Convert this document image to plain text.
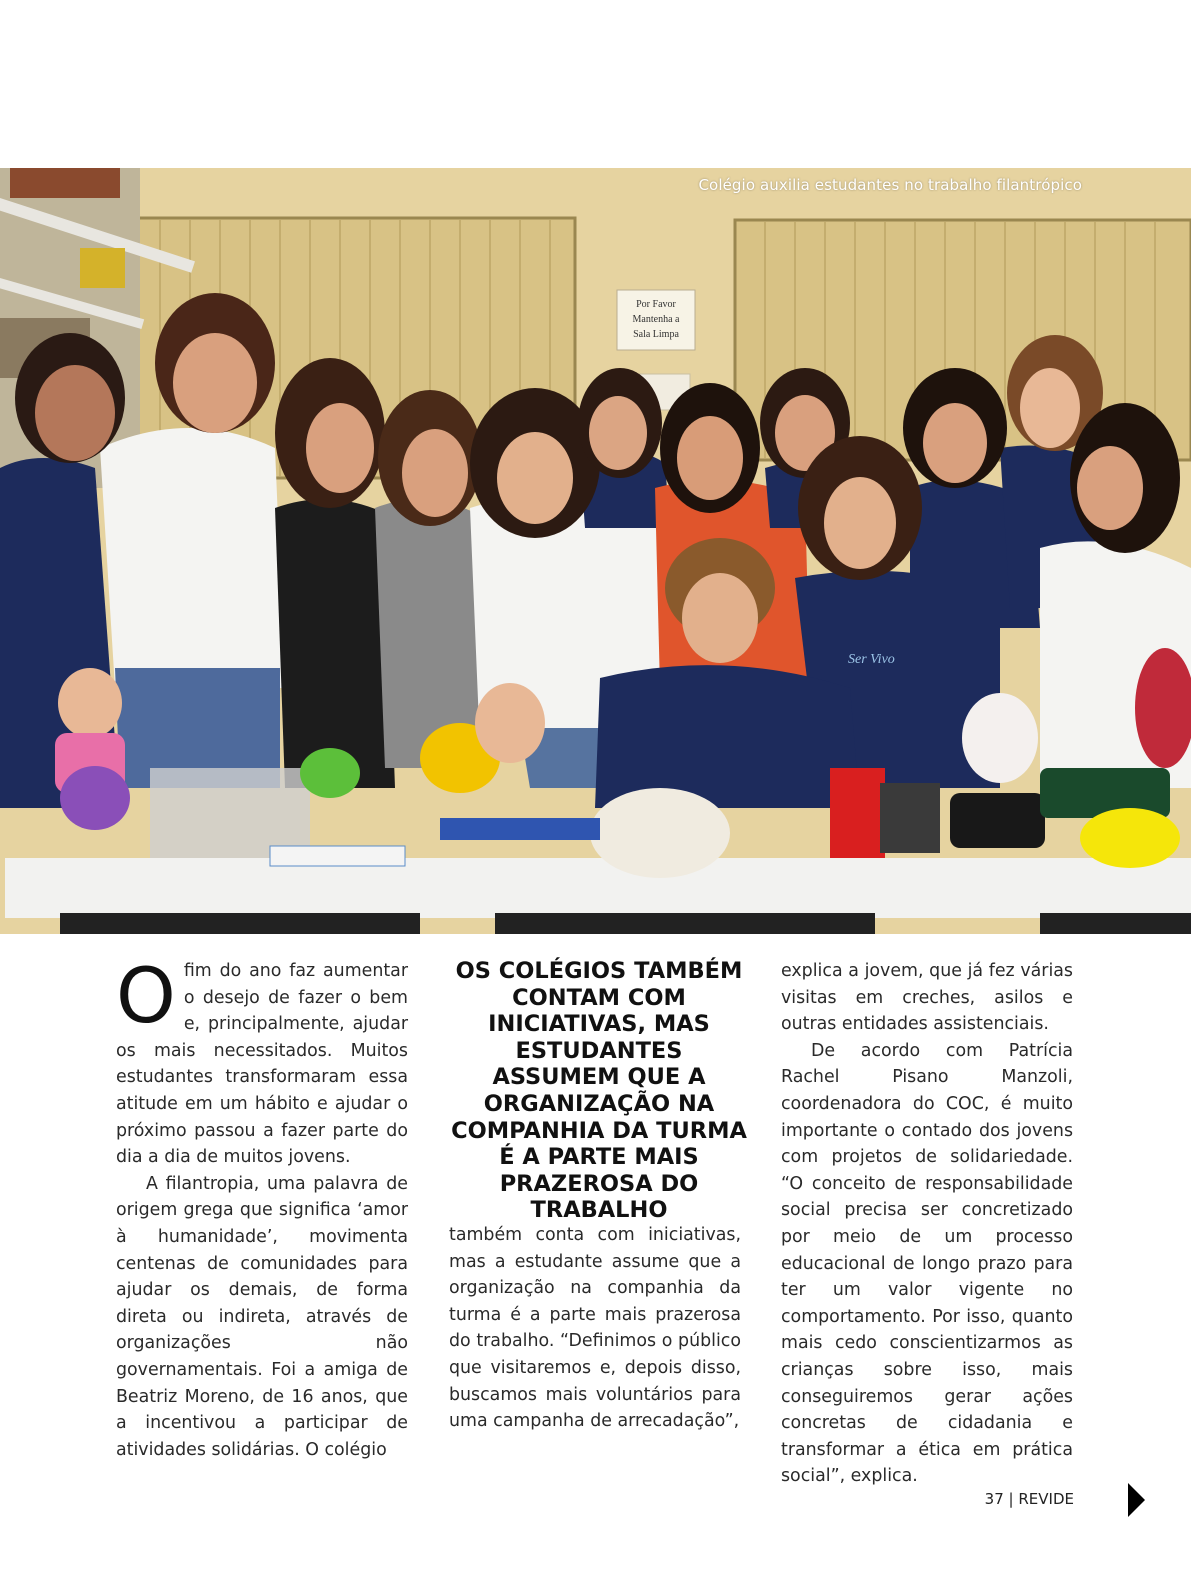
Por Favor
Mantenha a
Sala Limpa
Ser Vivo
Colégio auxilia estudantes no trabalho filantrópico

Ofim do ano faz aumentar o desejo de fazer o bem e, principalmente, ajudar os mais necessitados. Muitos estudantes transformaram essa atitude em um hábito e ajudar o próximo passou a fazer parte do dia a dia de muitos jovens.

A filantropia, uma palavra de origem grega que significa ‘amor à humanidade’, movimenta centenas de comunidades para ajudar os demais, de forma direta ou indireta, através de organizações não governamentais. Foi a amiga de Beatriz Moreno, de 16 anos, que a incentivou a participar de atividades solidárias. O colégio

OS COLÉGIOS TAMBÉM CONTAM COM INICIATIVAS, MAS ESTUDANTES ASSUMEM QUE A ORGANIZAÇÃO NA COMPANHIA DA TURMA É A PARTE MAIS PRAZEROSA DO TRABALHO

também conta com iniciativas, mas a estudante assume que a organização na companhia da turma é a parte mais prazerosa do trabalho. “Definimos o público que visitaremos e, depois disso, buscamos mais voluntários para uma campanha de arrecadação”,

explica a jovem, que já fez várias visitas em creches, asilos e outras entidades assistenciais.

De acordo com Patrícia Rachel Pisano Manzoli, coordenadora do COC, é muito importante o contado dos jovens com projetos de solidariedade. “O conceito de responsabilidade social precisa ser concretizado por meio de um processo educacional de longo prazo para ter um valor vigente no comportamento. Por isso, quanto mais cedo conscientizarmos as crianças sobre isso, mais conseguiremos gerar ações concretas de cidadania e transformar a ética em prática social”, explica.

37 | REVIDE
